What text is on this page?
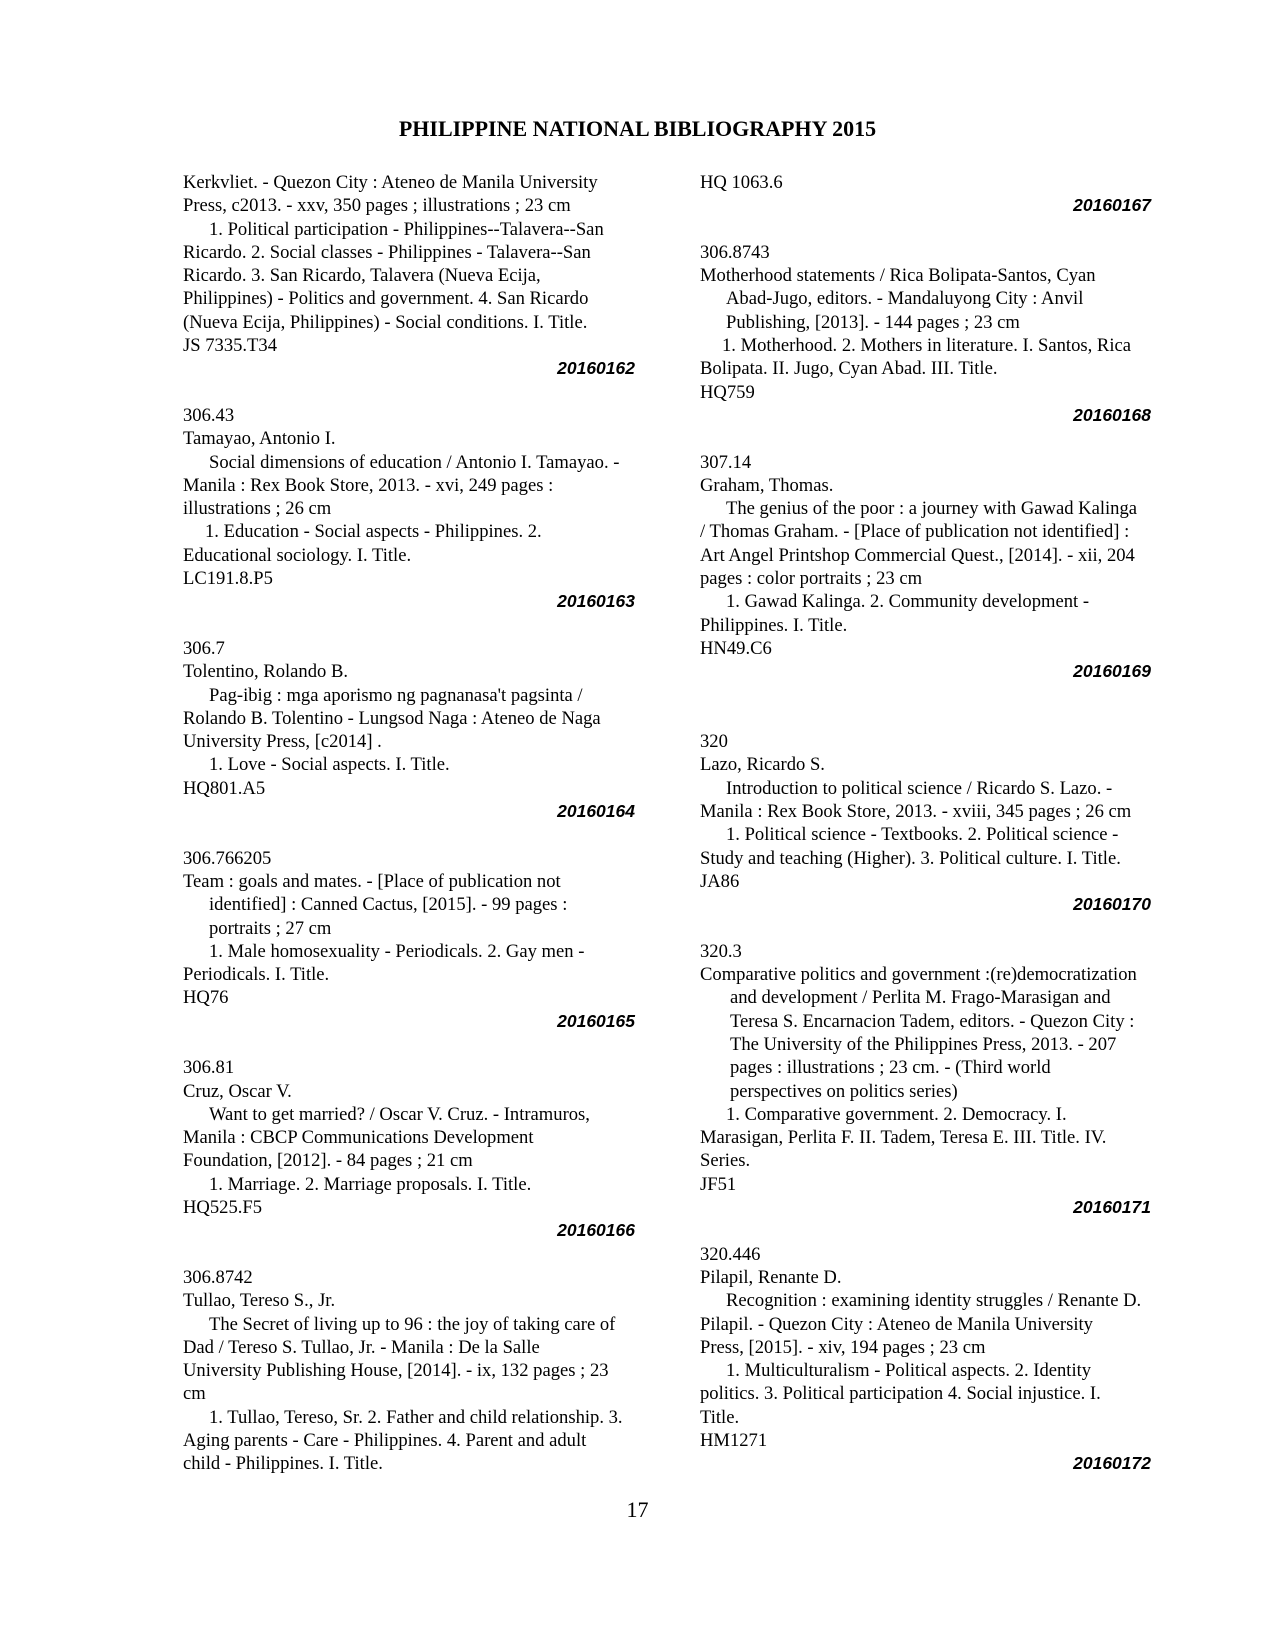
PHILIPPINE NATIONAL BIBLIOGRAPHY 2015
Kerkvliet. - Quezon City : Ateneo de Manila University
Press, c2013. - xxv, 350 pages ; illustrations ; 23 cm
1. Political participation - Philippines--Talavera--San
Ricardo. 2. Social classes - Philippines - Talavera--San
Ricardo. 3. San Ricardo, Talavera (Nueva Ecija,
Philippines) - Politics and government. 4. San Ricardo
(Nueva Ecija, Philippines) - Social conditions. I. Title.
JS 7335.T34
20160162
306.43
Tamayao, Antonio I.
Social dimensions of education / Antonio I. Tamayao. -
Manila : Rex Book Store, 2013. - xvi, 249 pages :
illustrations ; 26 cm
1. Education - Social aspects - Philippines. 2.
Educational sociology. I. Title.
LC191.8.P5
20160163
306.7
Tolentino, Rolando B.
Pag-ibig : mga aporismo ng pagnanasa't pagsinta /
Rolando B. Tolentino - Lungsod Naga : Ateneo de Naga
University Press, [c2014] .
1. Love - Social aspects. I. Title.
HQ801.A5
20160164
306.766205
Team : goals and mates. - [Place of publication not
identified] : Canned Cactus, [2015]. - 99 pages :
portraits ; 27 cm
1. Male homosexuality - Periodicals. 2. Gay men -
Periodicals. I. Title.
HQ76
20160165
306.81
Cruz, Oscar V.
Want to get married? / Oscar V. Cruz. - Intramuros,
Manila : CBCP Communications Development
Foundation, [2012]. - 84 pages ; 21 cm
1. Marriage. 2. Marriage proposals. I. Title.
HQ525.F5
20160166
306.8742
Tullao, Tereso S., Jr.
The Secret of living up to 96 : the joy of taking care of
Dad / Tereso S. Tullao, Jr. - Manila : De la Salle
University Publishing House, [2014]. - ix, 132 pages ; 23
cm
1. Tullao, Tereso, Sr. 2. Father and child relationship. 3.
Aging parents - Care - Philippines. 4. Parent and adult
child - Philippines. I. Title.
HQ 1063.6
20160167
306.8743
Motherhood statements / Rica Bolipata-Santos, Cyan
Abad-Jugo, editors. - Mandaluyong City : Anvil
Publishing, [2013]. - 144 pages ; 23 cm
1. Motherhood. 2. Mothers in literature. I. Santos, Rica
Bolipata. II. Jugo, Cyan Abad. III. Title.
HQ759
20160168
307.14
Graham, Thomas.
The genius of the poor : a journey with Gawad Kalinga
/ Thomas Graham. - [Place of publication not identified] :
Art Angel Printshop Commercial Quest., [2014]. - xii, 204
pages : color portraits ; 23 cm
1. Gawad Kalinga. 2. Community development -
Philippines. I. Title.
HN49.C6
20160169
320
Lazo, Ricardo S.
Introduction to political science / Ricardo S. Lazo. -
Manila : Rex Book Store, 2013. - xviii, 345 pages ; 26 cm
1. Political science - Textbooks. 2. Political science -
Study and teaching (Higher). 3. Political culture. I. Title.
JA86
20160170
320.3
Comparative politics and government :(re)democratization
and development / Perlita M. Frago-Marasigan and
Teresa S. Encarnacion Tadem, editors. - Quezon City :
The University of the Philippines Press, 2013. - 207
pages : illustrations ; 23 cm. - (Third world
perspectives on politics series)
1. Comparative government. 2. Democracy. I.
Marasigan, Perlita F. II. Tadem, Teresa E. III. Title. IV.
Series.
JF51
20160171
320.446
Pilapil, Renante D.
Recognition : examining identity struggles / Renante D.
Pilapil. - Quezon City : Ateneo de Manila University
Press, [2015]. - xiv, 194 pages ; 23 cm
1. Multiculturalism - Political aspects. 2. Identity
politics. 3. Political participation 4. Social injustice. I.
Title.
HM1271
20160172
17
